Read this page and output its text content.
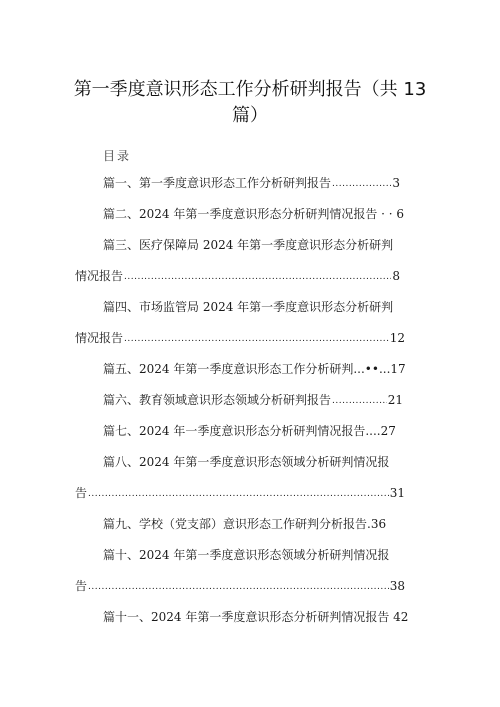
第一季度意识形态工作分析研判报告（共 13
篇）
目录
篇一、第一季度意识形态工作分析研判报告 .....	3
篇二、2024 年第一季度意识形态分析研判情况报告 · · 6
篇三、医疗保障局 2024 年第一季度意识形态分析研判
情况报告 .....	8
篇四、市场监管局 2024 年第一季度意识形态分析研判
情况报告 .....	12
篇五、2024 年第一季度意识形态工作分析研判...••...17
篇六、教育领域意识形态领域分析研判报告 .....	21
篇七、2024 年一季度意识形态分析研判情况报告....27
篇八、2024 年第一季度意识形态领域分析研判情况报
告 .....	31
篇九、学校（党支部）意识形态工作研判分析报告.36
篇十、2024 年第一季度意识形态领域分析研判情况报
告 .....	38
篇十一、2024 年第一季度意识形态分析研判情况报告 42
